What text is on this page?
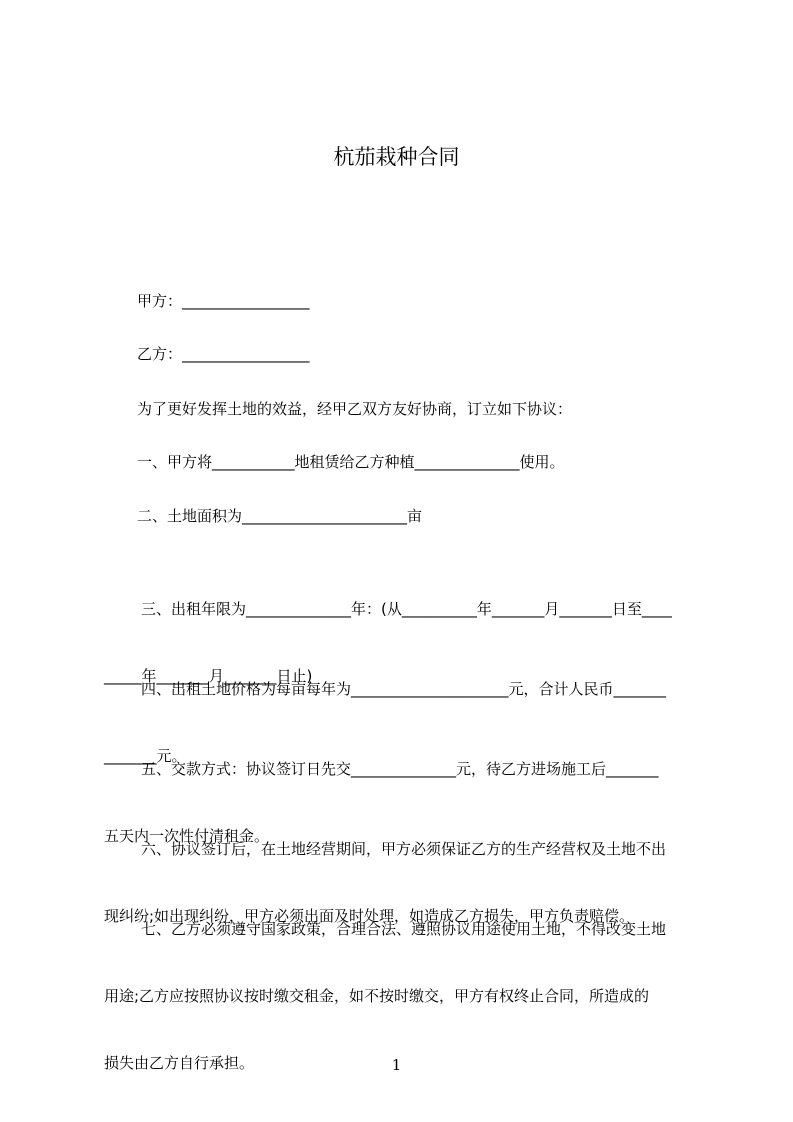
杭茄栽种合同
甲方：_________________
乙方：_________________
为了更好发挥土地的效益，经甲乙双方友好协商，订立如下协议：
一、甲方将___________地租赁给乙方种植______________使用。
二、土地面积为______________________亩

三、出租年限为______________年：(从__________年_______月_______日至____

_____年_______月_______日止)

四、出租土地价格为每亩每年为_____________________元，合计人民币_______

_______元。

五、交款方式：协议签订日先交______________元，待乙方进场施工后_______

五天内一次性付清租金。

六、协议签订后，在土地经营期间，甲方必须保证乙方的生产经营权及土地不出

现纠纷;如出现纠纷，甲方必须出面及时处理，如造成乙方损失，甲方负责赔偿。

七、乙方必须遵守国家政策，合理合法、遵照协议用途使用土地，不得改变土地

用途;乙方应按照协议按时缴交租金，如不按时缴交，甲方有权终止合同，所造成的

损失由乙方自行承担。	1
